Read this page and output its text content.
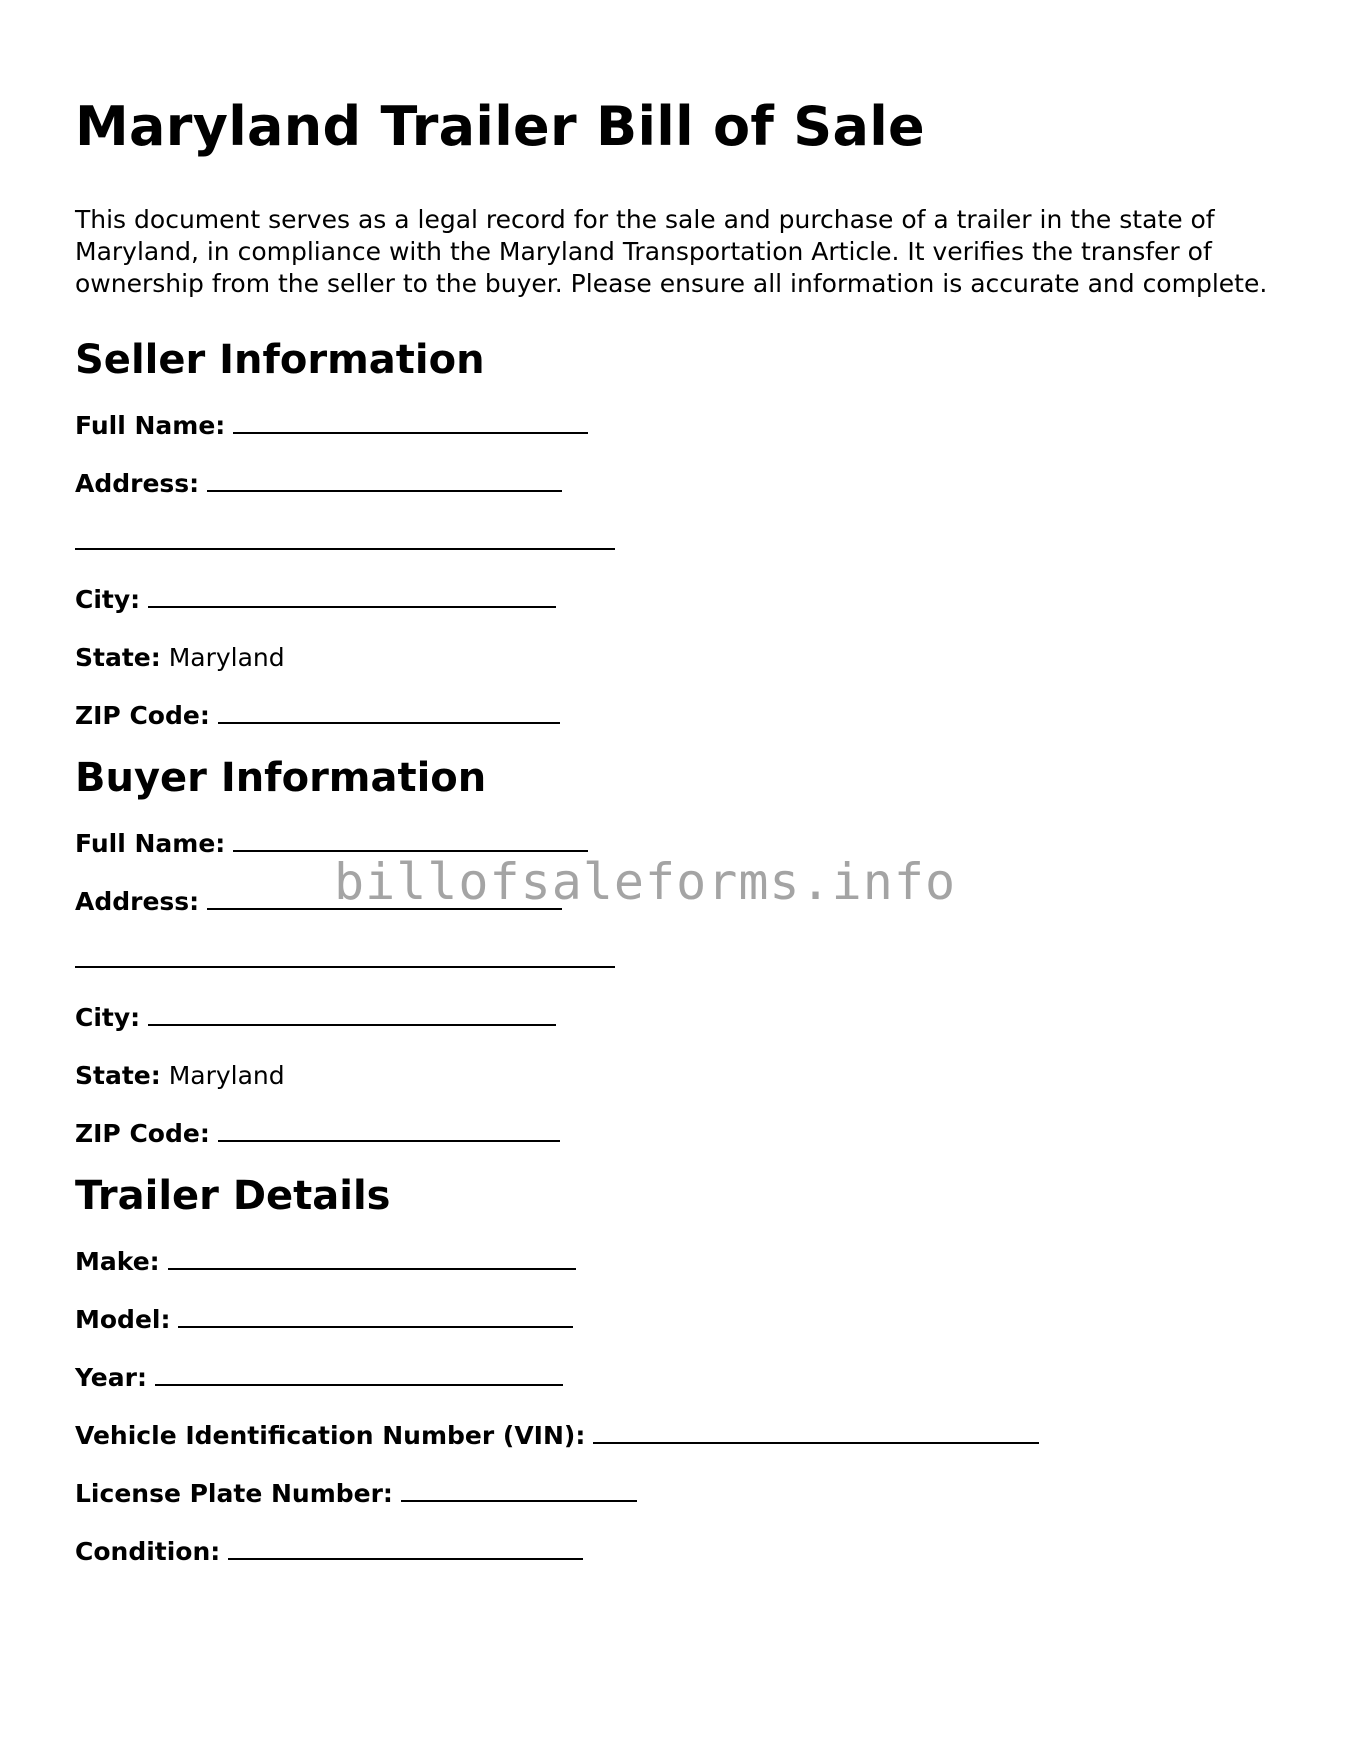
Maryland Trailer Bill of Sale

This document serves as a legal record for the sale and purchase of a trailer in the state of Maryland, in compliance with the Maryland Transportation Article. It verifies the transfer of ownership from the seller to the buyer. Please ensure all information is accurate and complete.

Seller Information

Full Name:

Address:

City:

State: Maryland

ZIP Code:

Buyer Information

Full Name:

Address:

City:

State: Maryland

ZIP Code:

Trailer Details

Make:

Model:

Year:

Vehicle Identification Number (VIN):

License Plate Number:

Condition:

billofsaleforms.info
